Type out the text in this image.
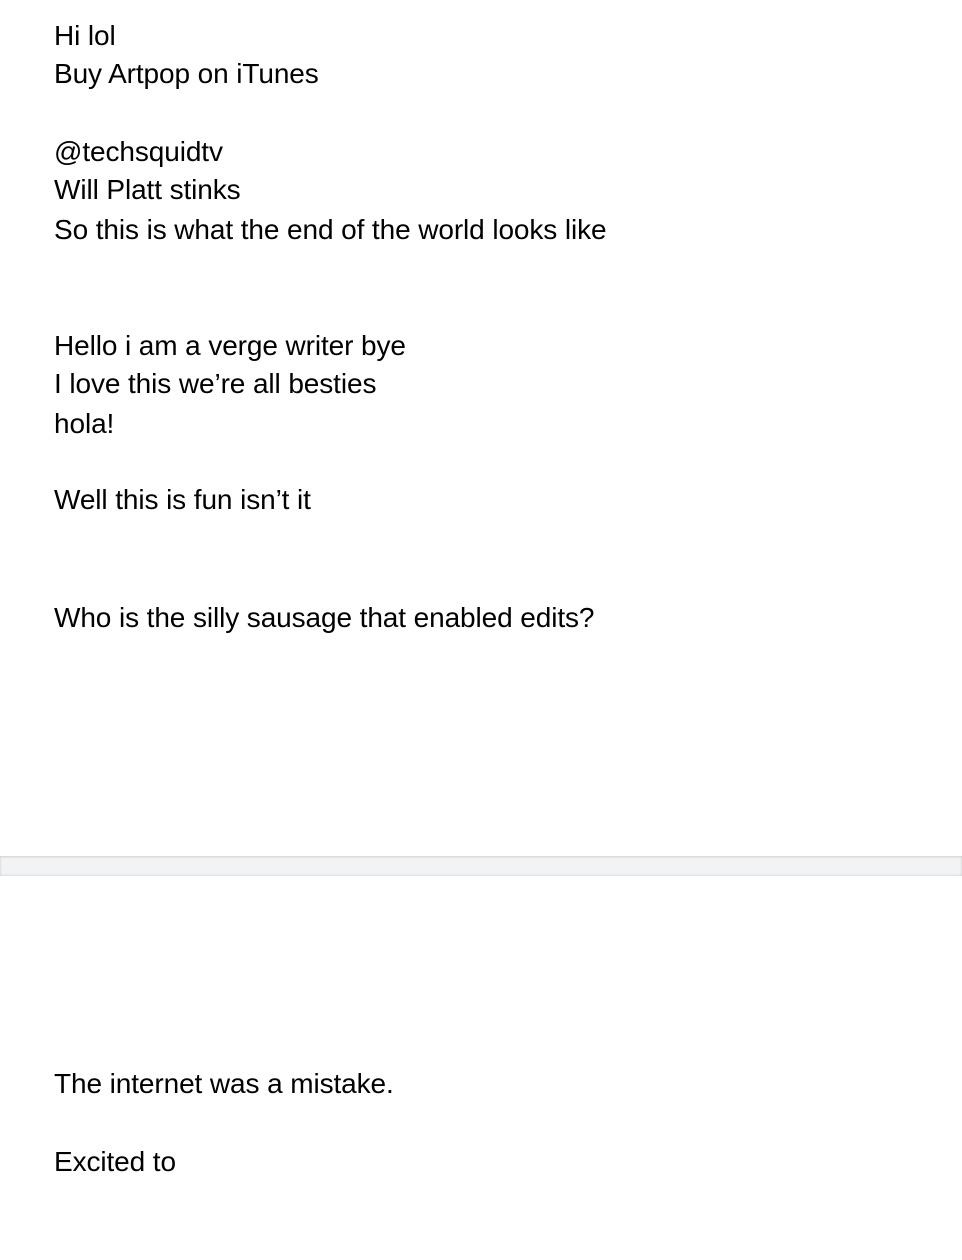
Hi lol
Buy Artpop on iTunes
@techsquidtv
Will Platt stinks
So this is what the end of the world looks like
Hello i am a verge writer bye
I love this we’re all besties
hola!
Well this is fun isn’t it
Who is the silly sausage that enabled edits?
The internet was a mistake.
Excited to
